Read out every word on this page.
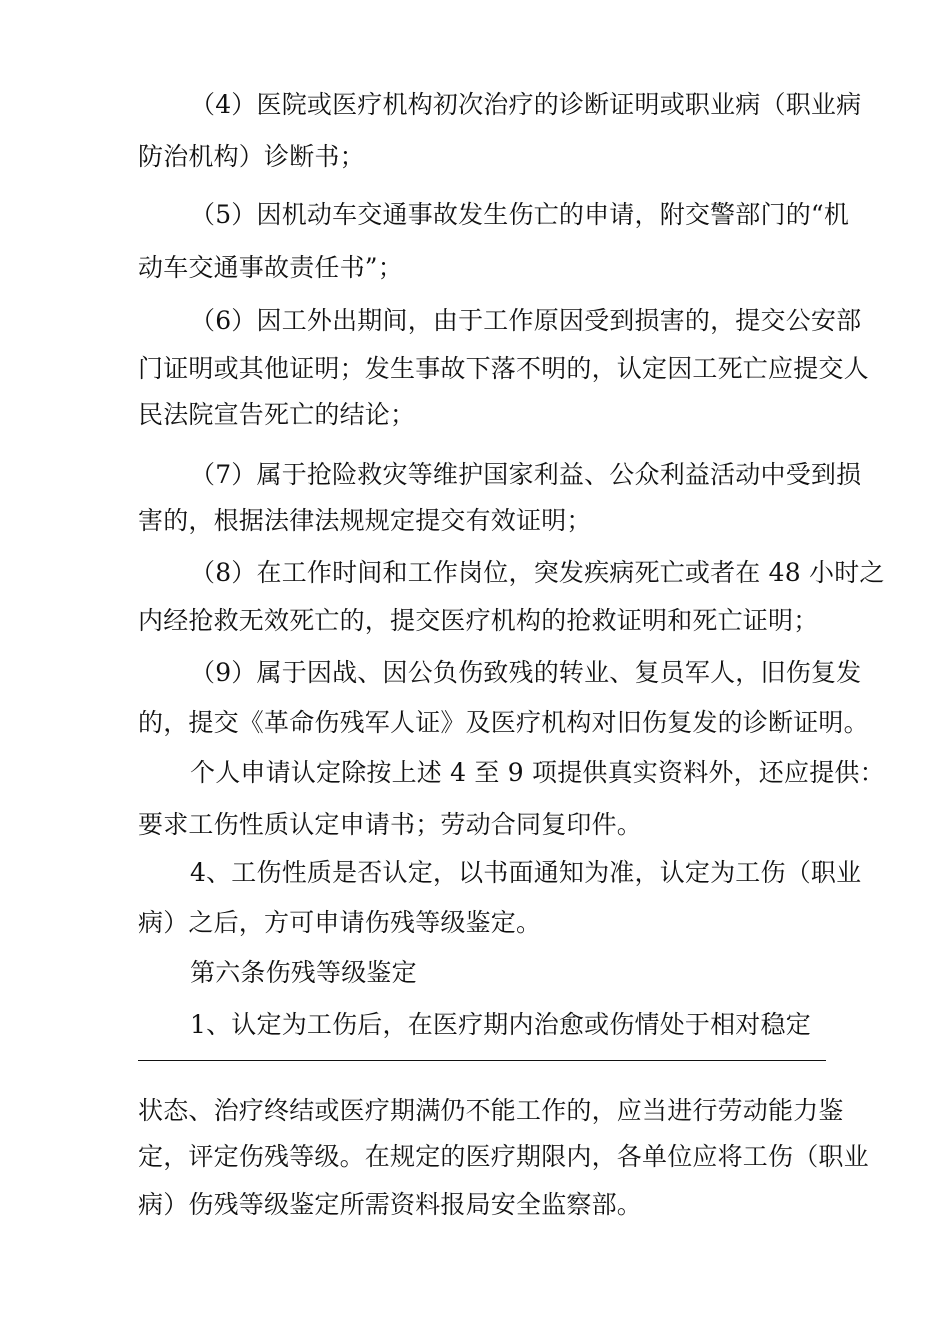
（4）医院或医疗机构初次治疗的诊断证明或职业病（职业病
防治机构）诊断书；
（5）因机动车交通事故发生伤亡的申请，附交警部门的“机
动车交通事故责任书”；
（6）因工外出期间，由于工作原因受到损害的，提交公安部
门证明或其他证明；发生事故下落不明的，认定因工死亡应提交人
民法院宣告死亡的结论；
（7）属于抢险救灾等维护国家利益、公众利益活动中受到损
害的，根据法律法规规定提交有效证明；
（8）在工作时间和工作岗位，突发疾病死亡或者在 48 小时之
内经抢救无效死亡的，提交医疗机构的抢救证明和死亡证明；
（9）属于因战、因公负伤致残的转业、复员军人，旧伤复发
的，提交《革命伤残军人证》及医疗机构对旧伤复发的诊断证明。
个人申请认定除按上述 4 至 9 项提供真实资料外，还应提供：
要求工伤性质认定申请书；劳动合同复印件。
4、工伤性质是否认定，以书面通知为准，认定为工伤（职业
病）之后，方可申请伤残等级鉴定。
第六条伤残等级鉴定
1、认定为工伤后，在医疗期内治愈或伤情处于相对稳定
状态、治疗终结或医疗期满仍不能工作的，应当进行劳动能力鉴
定，评定伤残等级。在规定的医疗期限内，各单位应将工伤（职业
病）伤残等级鉴定所需资料报局安全监察部。
